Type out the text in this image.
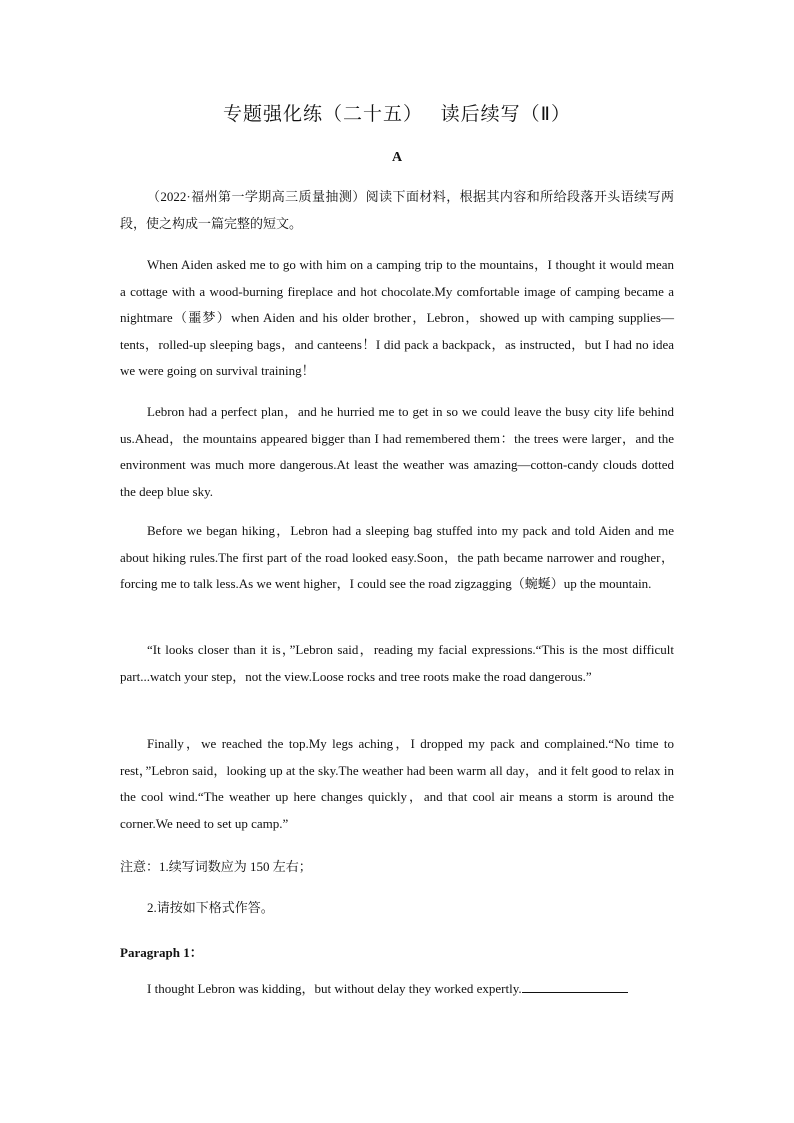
专题强化练（二十五）　 读后续写（Ⅱ）
A

（2022·福州第一学期高三质量抽测）阅读下面材料，根据其内容和所给段落开头语续写两段，使之构成一篇完整的短文。

When Aiden asked me to go with him on a camping trip to the mountains，I thought it would mean a cottage with a wood-burning fireplace and hot chocolate.My comfortable image of camping became a nightmare（噩梦）when Aiden and his older brother，Lebron，showed up with camping supplies—tents，rolled-up sleeping bags，and canteens！I did pack a backpack，as instructed，but I had no idea we were going on survival training！

Lebron had a perfect plan，and he hurried me to get in so we could leave the busy city life behind us.Ahead，the mountains appeared bigger than I had remembered them：the trees were larger，and the environment was much more dangerous.At least the weather was amazing—cotton-candy clouds dotted the deep blue sky.

Before we began hiking，Lebron had a sleeping bag stuffed into my pack and told Aiden and me about hiking rules.The first part of the road looked easy.Soon，the path became narrower and rougher，forcing me to talk less.As we went higher，I could see the road zigzagging（蜿蜒）up the mountain.

“It looks closer than it is，”Lebron said，reading my facial expressions.“This is the most difficult part...watch your step，not the view.Loose rocks and tree roots make the road dangerous.”

Finally，we reached the top.My legs aching，I dropped my pack and complained.“No time to rest，”Lebron said，looking up at the sky.The weather had been warm all day，and it felt good to relax in the cool wind.“The weather up here changes quickly，and that cool air means a storm is around the corner.We need to set up camp.”

注意：1.续写词数应为 150 左右；

2.请按如下格式作答。

Paragraph 1：

I thought Lebron was kidding，but without delay they worked expertly.
